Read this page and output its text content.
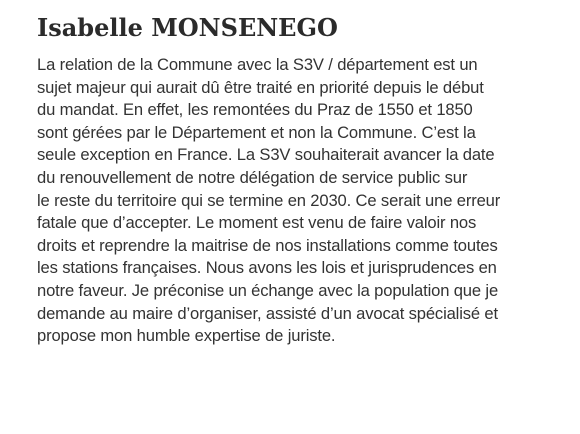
Isabelle MONSENEGO
La relation de la Commune avec la S3V / département est un
sujet majeur qui aurait dû être traité en priorité depuis le début
du mandat. En effet, les remontées du Praz de 1550 et 1850
sont gérées par le Département et non la Commune. C’est la
seule exception en France. La S3V souhaiterait avancer la date
du renouvellement de notre délégation de service public sur
le reste du territoire qui se termine en 2030. Ce serait une erreur
fatale que d’accepter. Le moment est venu de faire valoir nos
droits et reprendre la maitrise de nos installations comme toutes
les stations françaises. Nous avons les lois et jurisprudences en
notre faveur. Je préconise un échange avec la population que je
demande au maire d’organiser, assisté d’un avocat spécialisé et
propose mon humble expertise de juriste.
